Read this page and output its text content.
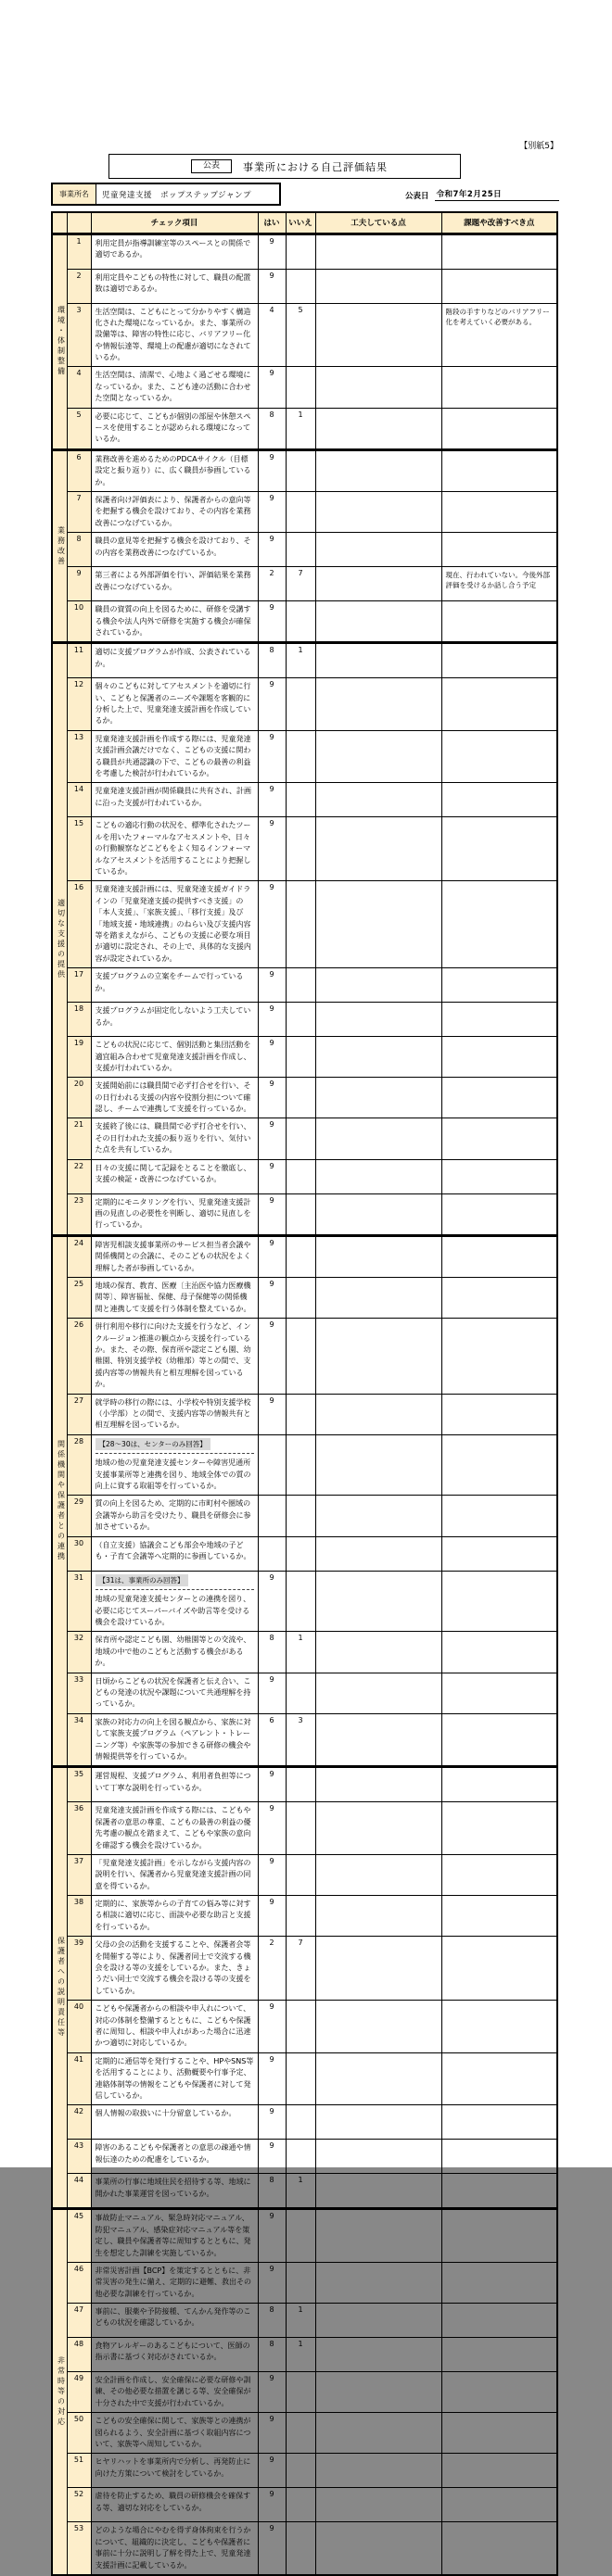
【別紙5】
公表	事業所における自己評価結果
事業所名	児童発達支援　ポップステップジャンプ	公表日 令和7年2月25日
		チェック項目	はい	いいえ	工夫している点	課題や改善すべき点
環境・体制整備	1	利用定員が指導訓練室等のスペースとの関係で適切であるか。	9			
	2	利用定員やこどもの特性に対して、職員の配置数は適切であるか。	9			
	3	生活空間は、こどもにとって分かりやすく構造化された環境になっているか。また、事業所の設備等は、障害の特性に応じ、バリアフリー化や情報伝達等、環境上の配慮が適切になされているか。	4	5		階段の手すりなどのバリアフリー化を考えていく必要がある。
	4	生活空間は、清潔で、心地よく過ごせる環境になっているか。また、こども達の活動に合わせた空間となっているか。	9			
	5	必要に応じて、こどもが個別の部屋や休憩スペースを使用することが認められる環境になっているか。	8	1		
業務改善	6	業務改善を進めるためのPDCAサイクル（目標設定と振り返り）に、広く職員が参画しているか。	9			
	7	保護者向け評価表により、保護者からの意向等を把握する機会を設けており、その内容を業務改善につなげているか。	9			
	8	職員の意見等を把握する機会を設けており、その内容を業務改善につなげているか。	9			
	9	第三者による外部評価を行い、評価結果を業務改善につなげているか。	2	7		現在、行われていない。今後外部評価を受けるか話し合う予定
	10	職員の資質の向上を図るために、研修を受講する機会や法人内外で研修を実施する機会が確保されているか。	9			
適切な支援の提供	11	適切に支援プログラムが作成、公表されているか。	8	1		
	12	個々のこどもに対してアセスメントを適切に行い、こどもと保護者のニーズや課題を客観的に分析した上で、児童発達支援計画を作成しているか。	9			
	13	児童発達支援計画を作成する際には、児童発達支援計画会議だけでなく、こどもの支援に関わる職員が共通認識の下で、こどもの最善の利益を考慮した検討が行われているか。	9			
	14	児童発達支援計画が関係職員に共有され、計画に沿った支援が行われているか。	9			
	15	こどもの適応行動の状況を、標準化されたツールを用いたフォーマルなアセスメントや、日々の行動観察などこどもをよく知るインフォーマルなアセスメントを活用することにより把握しているか。	9			
	16	児童発達支援計画には、児童発達支援ガイドラインの「児童発達支援の提供すべき支援」の「本人支援」、「家族支援」、「移行支援」及び「地域支援・地域連携」のねらい及び支援内容等を踏まえながら、こどもの支援に必要な項目が適切に設定され、その上で、具体的な支援内容が設定されているか。	9			
	17	支援プログラムの立案をチームで行っているか。	9			
	18	支援プログラムが固定化しないよう工夫しているか。	9			
	19	こどもの状況に応じて、個別活動と集団活動を適宜組み合わせて児童発達支援計画を作成し、支援が行われているか。	9			
	20	支援開始前には職員間で必ず打合せを行い、その日行われる支援の内容や役割分担について確認し、チームで連携して支援を行っているか。	9			
	21	支援終了後には、職員間で必ず打合せを行い、その日行われた支援の振り返りを行い、気付いた点を共有しているか。	9			
	22	日々の支援に関して記録をとることを徹底し、支援の検証・改善につなげているか。	9			
	23	定期的にモニタリングを行い、児童発達支援計画の見直しの必要性を判断し、適切に見直しを行っているか。	9			
関係機関や保護者との連携	24	障害児相談支援事業所のサービス担当者会議や関係機関との会議に、そのこどもの状況をよく理解した者が参画しているか。	9			
	25	地域の保育、教育、医療〔主治医や協力医療機関等〕、障害福祉、保健、母子保健等の関係機関と連携して支援を行う体制を整えているか。	9			
	26	併行利用や移行に向けた支援を行うなど、インクルージョン推進の観点から支援を行っているか。また、その際、保育所や認定こども園、幼稚園、特別支援学校（幼稚部）等との間で、支援内容等の情報共有と相互理解を図っているか。	9			
	27	就学時の移行の際には、小学校や特別支援学校（小学部）との間で、支援内容等の情報共有と相互理解を図っているか。	9			
	28	【28～30は、センターのみ回答】
地域の他の児童発達支援センターや障害児通所支援事業所等と連携を図り、地域全体での質の向上に資する取組等を行っているか。				

	29	質の向上を図るため、定期的に市町村や圏域の会議等から助言を受けたり、職員を研修会に参加させているか。				

	30	（自立支援）協議会こども部会や地域の子ども・子育て会議等へ定期的に参画しているか。				

	31	【31は、事業所のみ回答】
地域の児童発達支援センターとの連携を図り、必要に応じてスーパーバイズや助言等を受ける機会を設けているか。	9			
	32	保育所や認定こども園、幼稚園等との交流や、地域の中で他のこどもと活動する機会があるか。	8	1		
	33	日頃からこどもの状況を保護者と伝え合い、こどもの発達の状況や課題について共通理解を持っているか。	9			
	34	家族の対応力の向上を図る観点から、家族に対して家族支援プログラム（ペアレント・トレーニング等）や家族等の参加できる研修の機会や情報提供等を行っているか。	6	3		
保護者への説明責任等	35	運営規程、支援プログラム、利用者負担等について丁寧な説明を行っているか。	9			
	36	児童発達支援計画を作成する際には、こどもや保護者の意思の尊重、こどもの最善の利益の優先考慮の観点を踏まえて、こどもや家族の意向を確認する機会を設けているか。	9			
	37	「児童発達支援計画」を示しながら支援内容の説明を行い、保護者から児童発達支援計画の同意を得ているか。	9			
	38	定期的に、家族等からの子育ての悩み等に対する相談に適切に応じ、面談や必要な助言と支援を行っているか。	9			
	39	父母の会の活動を支援することや、保護者会等を開催する等により、保護者同士で交流する機会を設ける等の支援をしているか。また、きょうだい同士で交流する機会を設ける等の支援をしているか。	2	7		
	40	こどもや保護者からの相談や申入れについて、対応の体制を整備するとともに、こどもや保護者に周知し、相談や申入れがあった場合に迅速かつ適切に対応しているか。	9			
	41	定期的に通信等を発行することや、HPやSNS等を活用することにより、活動概要や行事予定、連絡体制等の情報をこどもや保護者に対して発信しているか。	9			
	42	個人情報の取扱いに十分留意しているか。	9			
	43	障害のあるこどもや保護者との意思の疎通や情報伝達のための配慮をしているか。	9			
	44	事業所の行事に地域住民を招待する等、地域に開かれた事業運営を図っているか。	8	1		
非常時等の対応	45	事故防止マニュアル、緊急時対応マニュアル、防犯マニュアル、感染症対応マニュアル等を策定し、職員や保護者等に周知するとともに、発生を想定した訓練を実施しているか。	9			
	46	非常災害計画【BCP】を策定するとともに、非常災害の発生に備え、定期的に避難、救出その他必要な訓練を行っているか。	9			
	47	事前に、服薬や予防接種、てんかん発作等のこどもの状況を確認しているか。	8	1		
	48	食物アレルギーのあるこどもについて、医師の指示書に基づく対応がされているか。	8	1		
	49	安全計画を作成し、安全確保に必要な研修や訓練、その他必要な措置を講じる等、安全確保が十分された中で支援が行われているか。	9			
	50	こどもの安全確保に関して、家族等との連携が図られるよう、安全計画に基づく取組内容について、家族等へ周知しているか。	9			
	51	ヒヤリハットを事業所内で分析し、再発防止に向けた方策について検討をしているか。	9			
	52	虐待を防止するため、職員の研修機会を確保する等、適切な対応をしているか。	9			
	53	どのような場合にやむを得ず身体拘束を行うかについて、組織的に決定し、こどもや保護者に事前に十分に説明し了解を得た上で、児童発達支援計画に記載しているか。	9			
